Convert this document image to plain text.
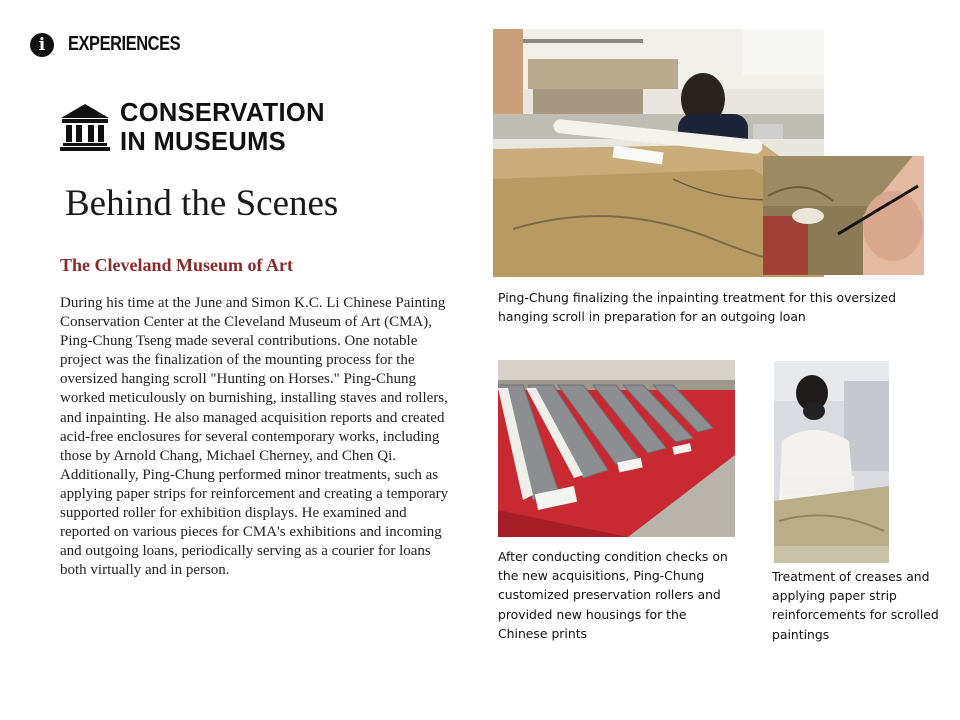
i	EXPERIENCES
CONSERVATION
IN MUSEUMS
Behind the Scenes
The Cleveland Museum of Art
During his time at the June and Simon K.C. Li Chinese Painting Conservation Center at the Cleveland Museum of Art (CMA), Ping-Chung Tseng made several contributions. One notable project was the finalization of the mounting process for the oversized hanging scroll "Hunting on Horses." Ping-Chung worked meticulously on burnishing, installing staves and rollers, and inpainting. He also managed acquisition reports and created acid-free enclosures for several contemporary works, including those by Arnold Chang, Michael Cherney, and Chen Qi. Additionally, Ping-Chung performed minor treatments, such as applying paper strips for reinforcement and creating a temporary supported roller for exhibition displays. He examined and reported on various pieces for CMA's exhibitions and incoming and outgoing loans, periodically serving as a courier for loans both virtually and in person.
Ping-Chung finalizing the inpainting treatment for this oversized hanging scroll in preparation for an outgoing loan
After conducting condition checks on the new acquisitions, Ping-Chung customized preservation rollers and provided new housings for the Chinese prints
Treatment of creases and applying paper strip reinforcements for scrolled paintings
